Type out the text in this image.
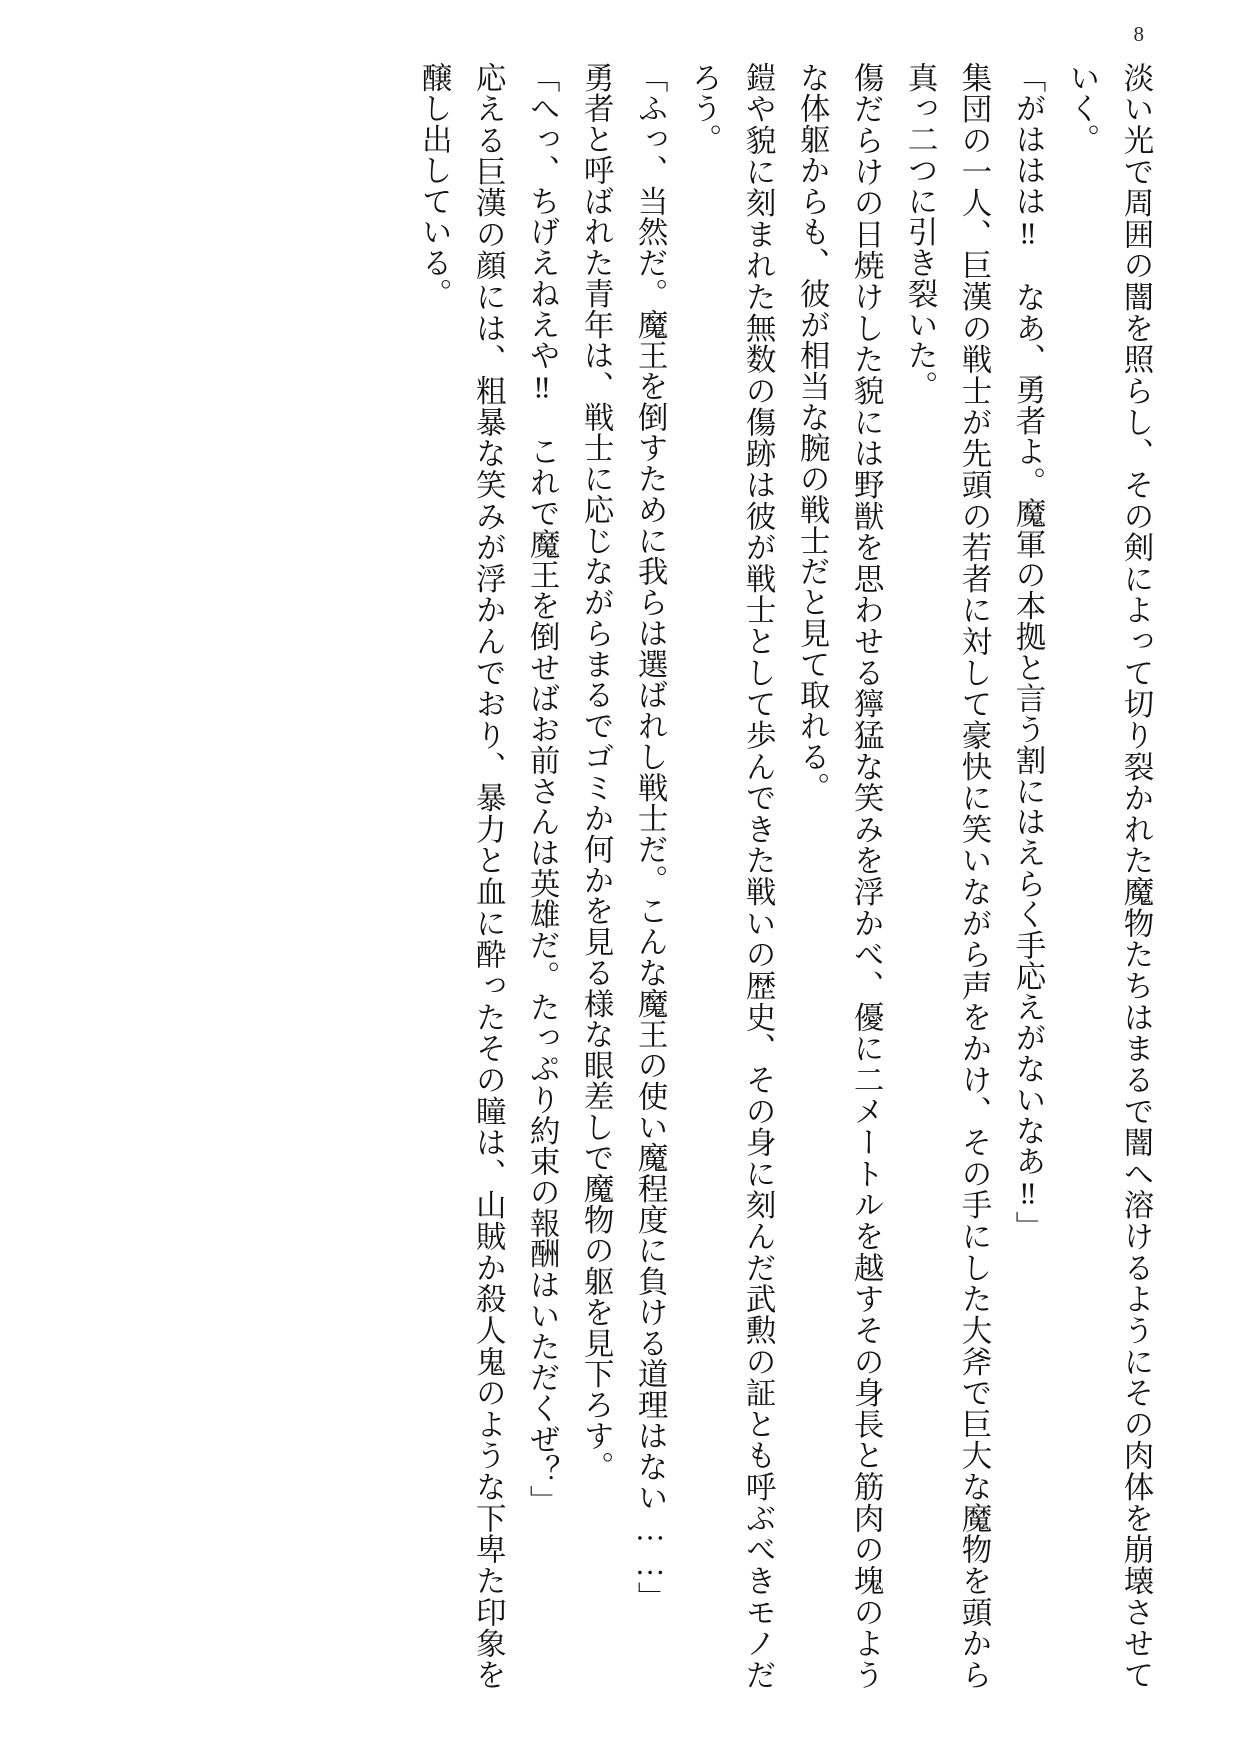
8

淡い光で周囲の闇を照らし、その剣によって切り裂かれた魔物たちはまるで闇へ溶けるようにその肉体を崩壊させていく。

「がははは‼　なあ、勇者よ。魔軍の本拠と言う割にはえらく手応えがないなあ‼」

集団の一人、巨漢の戦士が先頭の若者に対して豪快に笑いながら声をかけ、その手にした大斧で巨大な魔物を頭から真っ二つに引き裂いた。

傷だらけの日焼けした貌には野獣を思わせる獰猛な笑みを浮かべ、優に二メートルを越すその身長と筋肉の塊のような体躯からも、彼が相当な腕の戦士だと見て取れる。

鎧や貌に刻まれた無数の傷跡は彼が戦士として歩んできた戦いの歴史、その身に刻んだ武勲の証とも呼ぶべきモノだろう。

「ふっ、当然だ。魔王を倒すために我らは選ばれし戦士だ。こんな魔王の使い魔程度に負ける道理はない……」

勇者と呼ばれた青年は、戦士に応じながらまるでゴミか何かを見る様な眼差しで魔物の躯を見下ろす。

「へっ、ちげえねえや‼　これで魔王を倒せばお前さんは英雄だ。たっぷり約束の報酬はいただくぜ？」

応える巨漢の顔には、粗暴な笑みが浮かんでおり、暴力と血に酔ったその瞳は、山賊か殺人鬼のような下卑た印象を醸し出している。
